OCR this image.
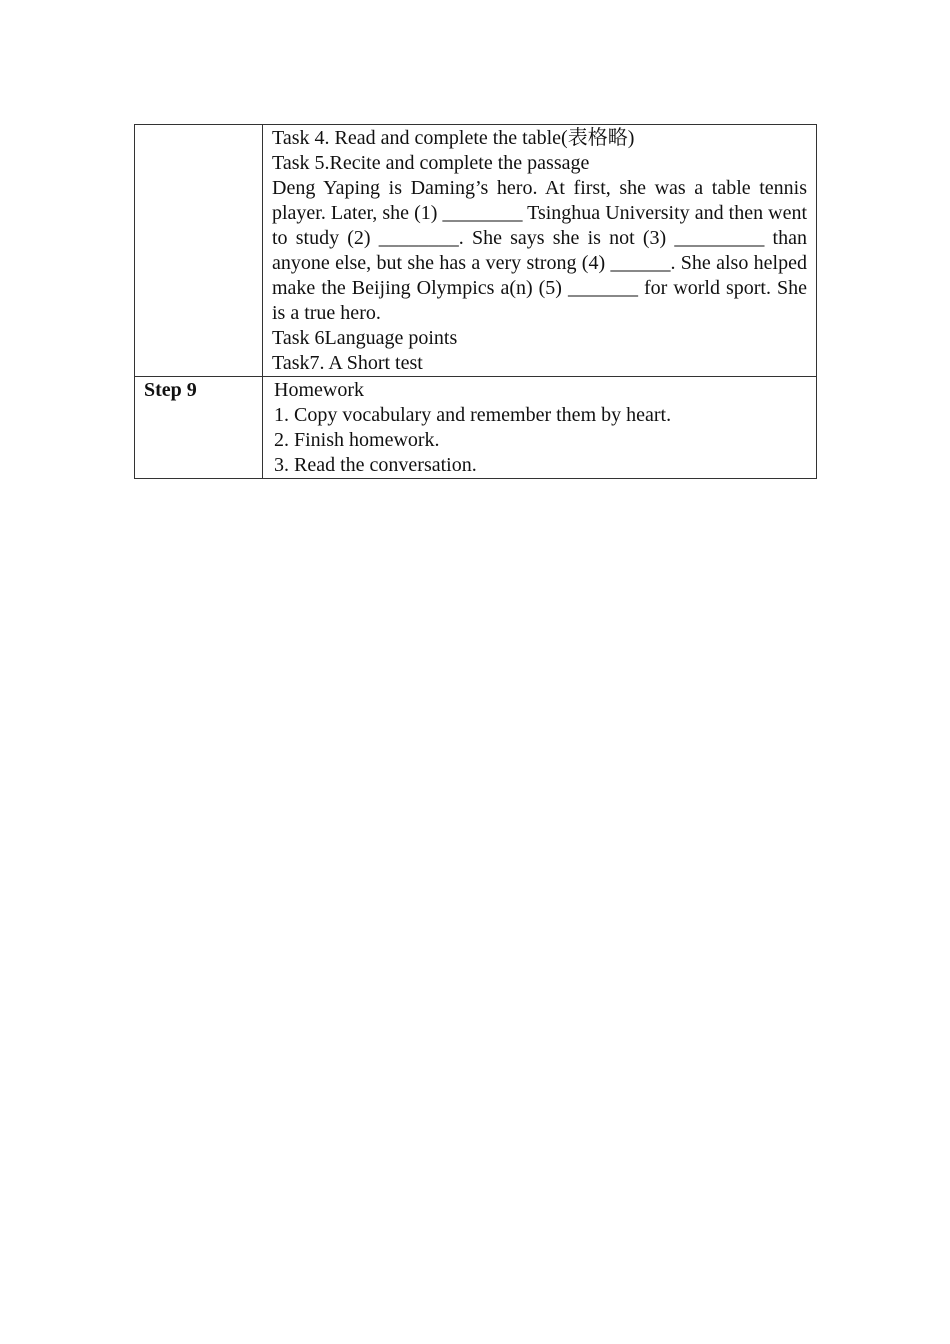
	Task 4. Read and complete the table(表格略)
Task 5.Recite and complete the passage
Deng Yaping is Daming’s hero. At first, she was a table tennis player. Later, she (1) ________ Tsinghua University and then went to study (2) ________. She says she is not (3) _________ than anyone else, but she has a very strong (4) ______. She also helped make the Beijing Olympics a(n) (5) _______ for world sport. She is a true hero.
Task 6Language points
Task7. A Short test

Step 9	Homework
1. Copy vocabulary and remember them by heart.
2. Finish homework.
3. Read the conversation.
